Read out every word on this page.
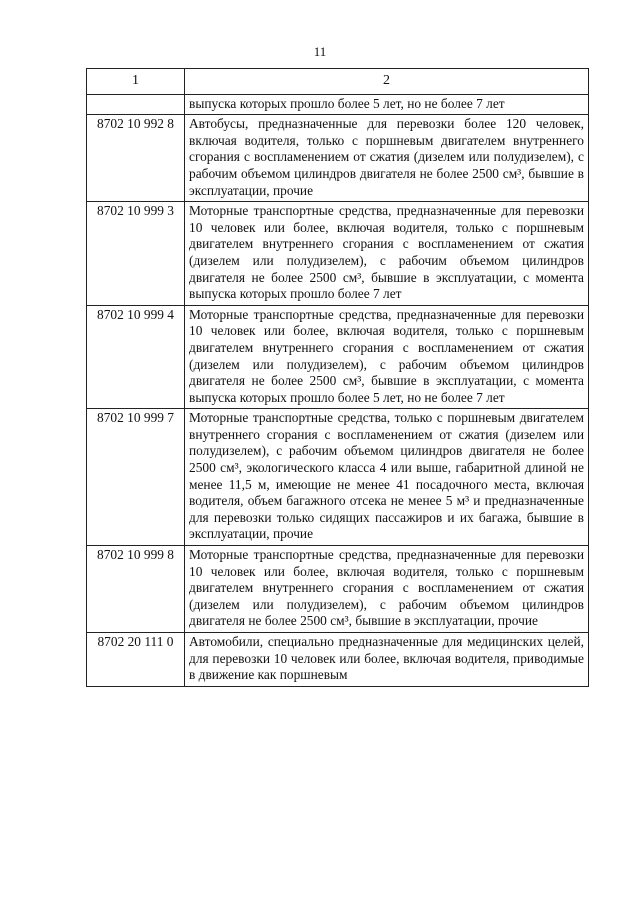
11
1	2
	выпуска которых прошло более 5 лет, но не более 7 лет
8702 10 992 8	Автобусы, предназначенные для перевозки более 120 человек, включая водителя, только с поршневым двигателем внутреннего сгорания с воспламенением от сжатия (дизелем или полудизелем), с рабочим объемом цилиндров двигателя не более 2500 см³, бывшие в эксплуатации, прочие
8702 10 999 3	Моторные транспортные средства, предназначенные для перевозки 10 человек или более, включая водителя, только с поршневым двигателем внутреннего сгорания с воспламенением от сжатия (дизелем или полудизелем), с рабочим объемом цилиндров двигателя не более 2500 см³, бывшие в эксплуатации, с момента выпуска которых прошло более 7 лет
8702 10 999 4	Моторные транспортные средства, предназначенные для перевозки 10 человек или более, включая водителя, только с поршневым двигателем внутреннего сгорания с воспламенением от сжатия (дизелем или полудизелем), с рабочим объемом цилиндров двигателя не более 2500 см³, бывшие в эксплуатации, с момента выпуска которых прошло более 5 лет, но не более 7 лет
8702 10 999 7	Моторные транспортные средства, только с поршневым двигателем внутреннего сгорания с воспламенением от сжатия (дизелем или полудизелем), с рабочим объемом цилиндров двигателя не более 2500 см³, экологического класса 4 или выше, габаритной длиной не менее 11,5 м, имеющие не менее 41 посадочного места, включая водителя, объем багажного отсека не менее 5 м³ и предназначенные для перевозки только сидящих пассажиров и их багажа, бывшие в эксплуатации, прочие
8702 10 999 8	Моторные транспортные средства, предназначенные для перевозки 10 человек или более, включая водителя, только с поршневым двигателем внутреннего сгорания с воспламенением от сжатия (дизелем или полудизелем), с рабочим объемом цилиндров двигателя не более 2500 см³, бывшие в эксплуатации, прочие
8702 20 111 0	Автомобили, специально предназначенные для медицинских целей, для перевозки 10 человек или более, включая водителя, приводимые в движение как поршневым
